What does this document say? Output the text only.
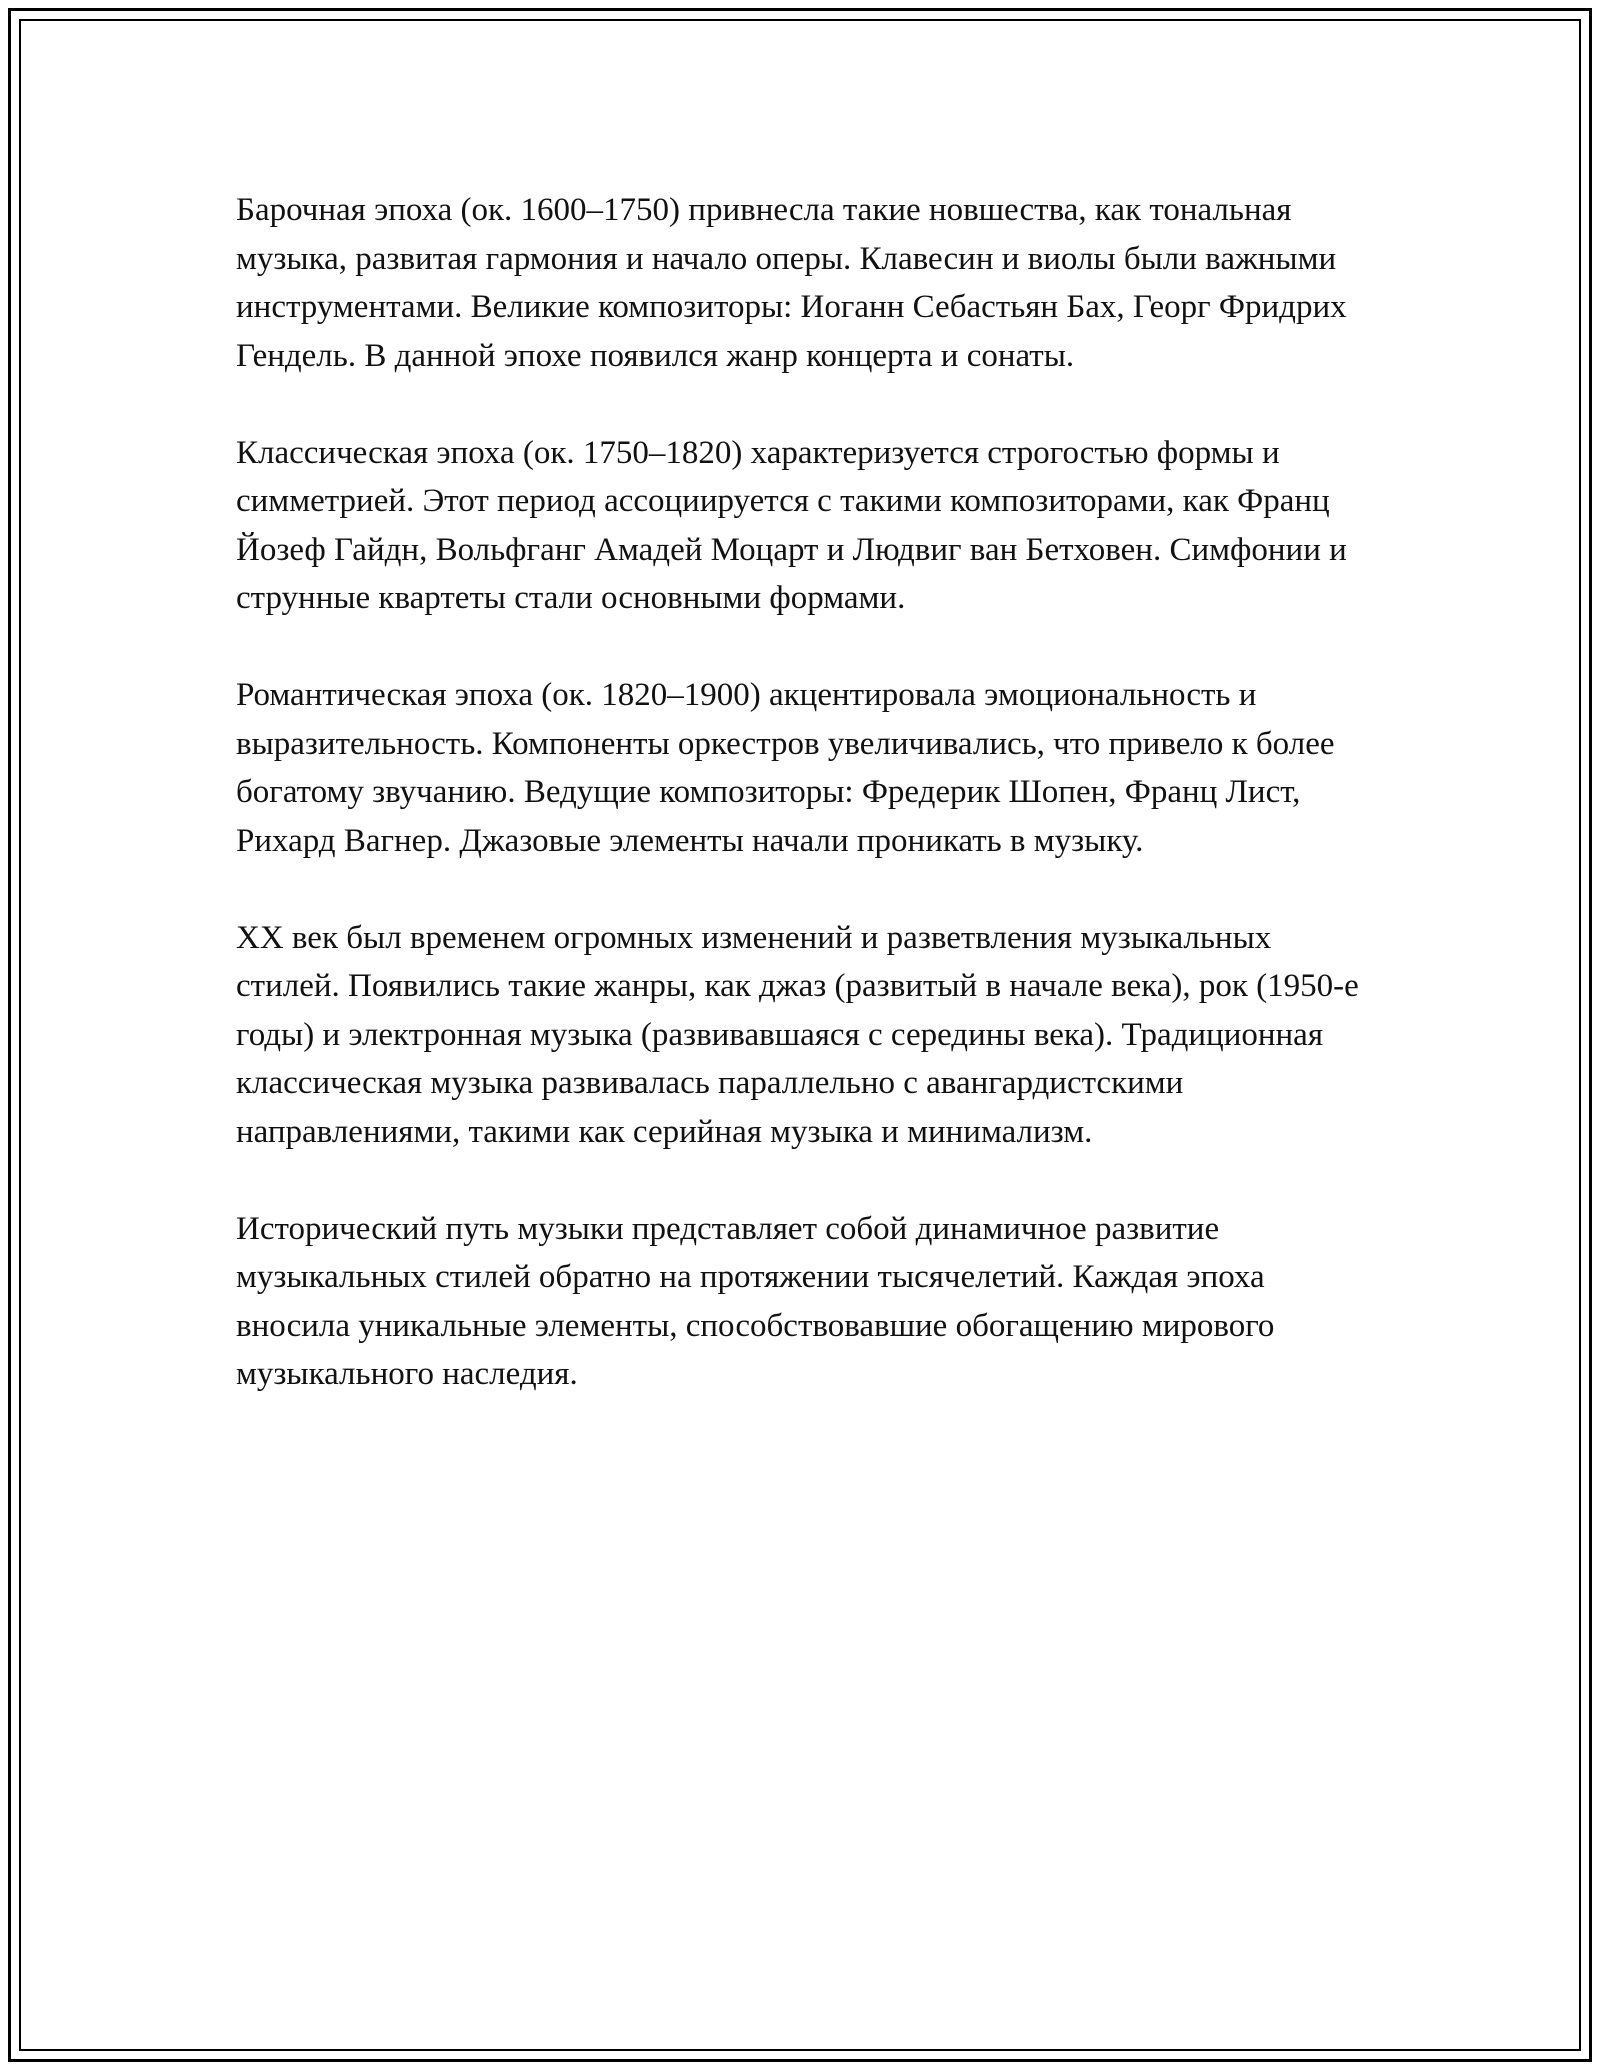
Барочная эпоха (ок. 1600–1750) привнесла такие новшества, как тональная музыка, развитая гармония и начало оперы. Клавесин и виолы были важными инструментами. Великие композиторы: Иоганн Себастьян Бах, Георг Фридрих Гендель. В данной эпохе появился жанр концерта и сонаты.

Классическая эпоха (ок. 1750–1820) характеризуется строгостью формы и симметрией. Этот период ассоциируется с такими композиторами, как Франц Йозеф Гайдн, Вольфганг Амадей Моцарт и Людвиг ван Бетховен. Симфонии и струнные квартеты стали основными формами.

Романтическая эпоха (ок. 1820–1900) акцентировала эмоциональность и выразительность. Компоненты оркестров увеличивались, что привело к более богатому звучанию. Ведущие композиторы: Фредерик Шопен, Франц Лист, Рихард Вагнер. Джазовые элементы начали проникать в музыку.

XX век был временем огромных изменений и разветвления музыкальных стилей. Появились такие жанры, как джаз (развитый в начале века), рок (1950-е годы) и электронная музыка (развивавшаяся с середины века). Традиционная классическая музыка развивалась параллельно с авангардистскими направлениями, такими как серийная музыка и минимализм.

Исторический путь музыки представляет собой динамичное развитие музыкальных стилей обратно на протяжении тысячелетий. Каждая эпоха вносила уникальные элементы, способствовавшие обогащению мирового музыкального наследия.
